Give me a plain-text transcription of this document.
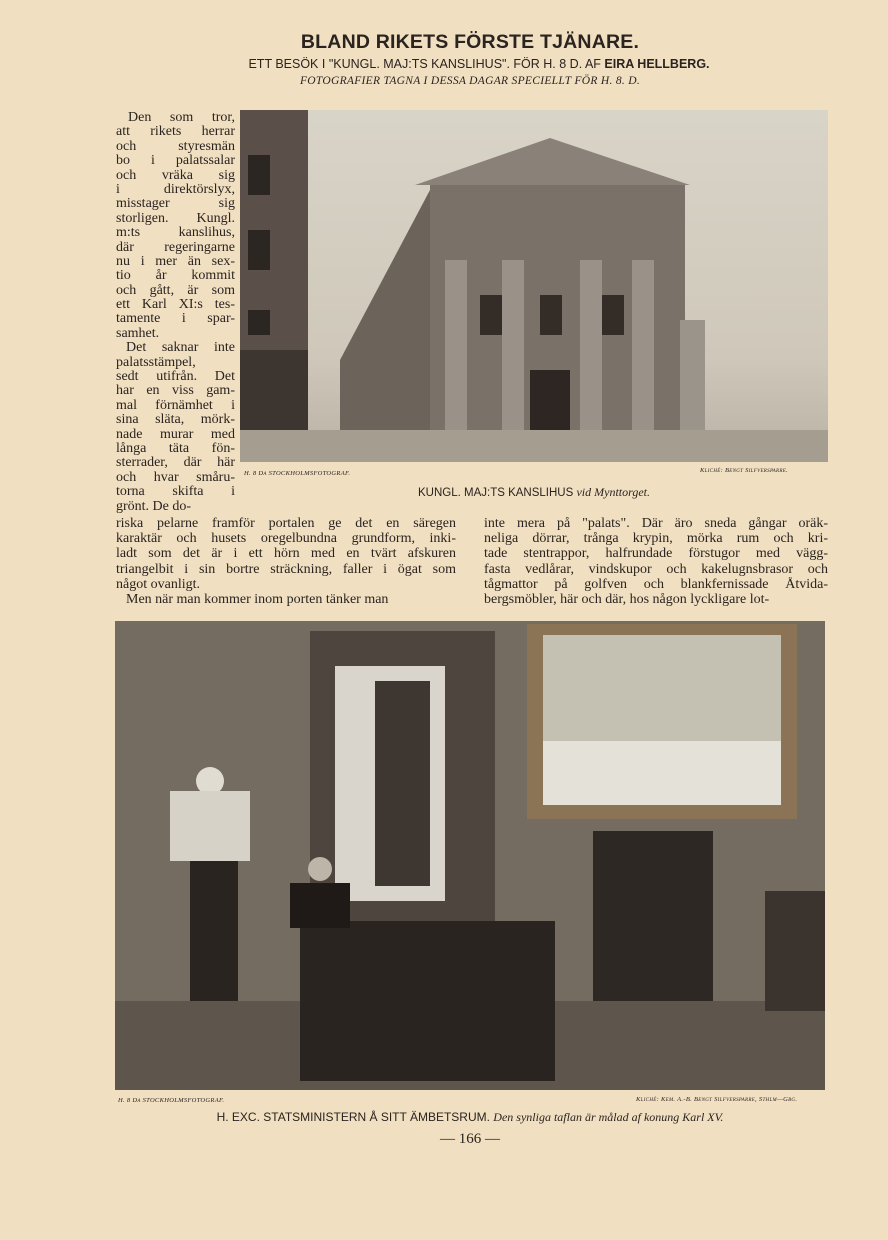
BLAND RIKETS FÖRSTE TJÄNARE.
ETT BESÖK I "KUNGL. MAJ:TS KANSLIHUS". FÖR H. 8 D. AF EIRA HELLBERG.
FOTOGRAFIER TAGNA I DESSA DAGAR SPECIELLT FÖR H. 8. D.
Den som tror,
att rikets herrar
och styresmän
bo i palatssalar
och vräka sig
i direktörslyx,
misstager sig
storligen. Kungl.
m:ts kanslihus,
där regeringarne
nu i mer än sex-
tio år kommit
och gått, är som
ett Karl XI:s tes-
tamente i spar-
samhet.
Det saknar inte
palatsstämpel,
sedt utifrån. Det
har en viss gam-
mal förnämhet i
sina släta, mörk-
nade murar med
långa täta fön-
sterrader, där här
och hvar småru-
torna skifta i
grönt. De do-
H. 8 Da STOCKHOLMSFOTOGRAF.	Kliché: Bengt Silfversparre.
KUNGL. MAJ:TS KANSLIHUS vid Mynttorget.
riska pelarne framför portalen ge det en säregen
karaktär och husets oregelbundna grundform, inki-
ladt som det är i ett hörn med en tvärt afskuren
triangelbit i sin bortre sträckning, faller i ögat som
något ovanligt.
Men när man kommer inom porten tänker man
inte mera på "palats". Där äro sneda gångar oräk-
neliga dörrar, trånga krypin, mörka rum och kri-
tade stentrappor, halfrundade förstugor med vägg-
fasta vedlårar, vindskupor och kakelugnsbrasor och
tågmattor på golfven och blankfernissade Åtvida-
bergsmöbler, här och där, hos någon lyckligare lot-
H. 8 Da STOCKHOLMSFOTOGRAF.	Kliché: Kem. A.-B. Bengt Silfversparre, Sthlm—Gbg.
H. EXC. STATSMINISTERN Å SITT ÄMBETSRUM. Den synliga taflan är målad af konung Karl XV.
— 166 —
